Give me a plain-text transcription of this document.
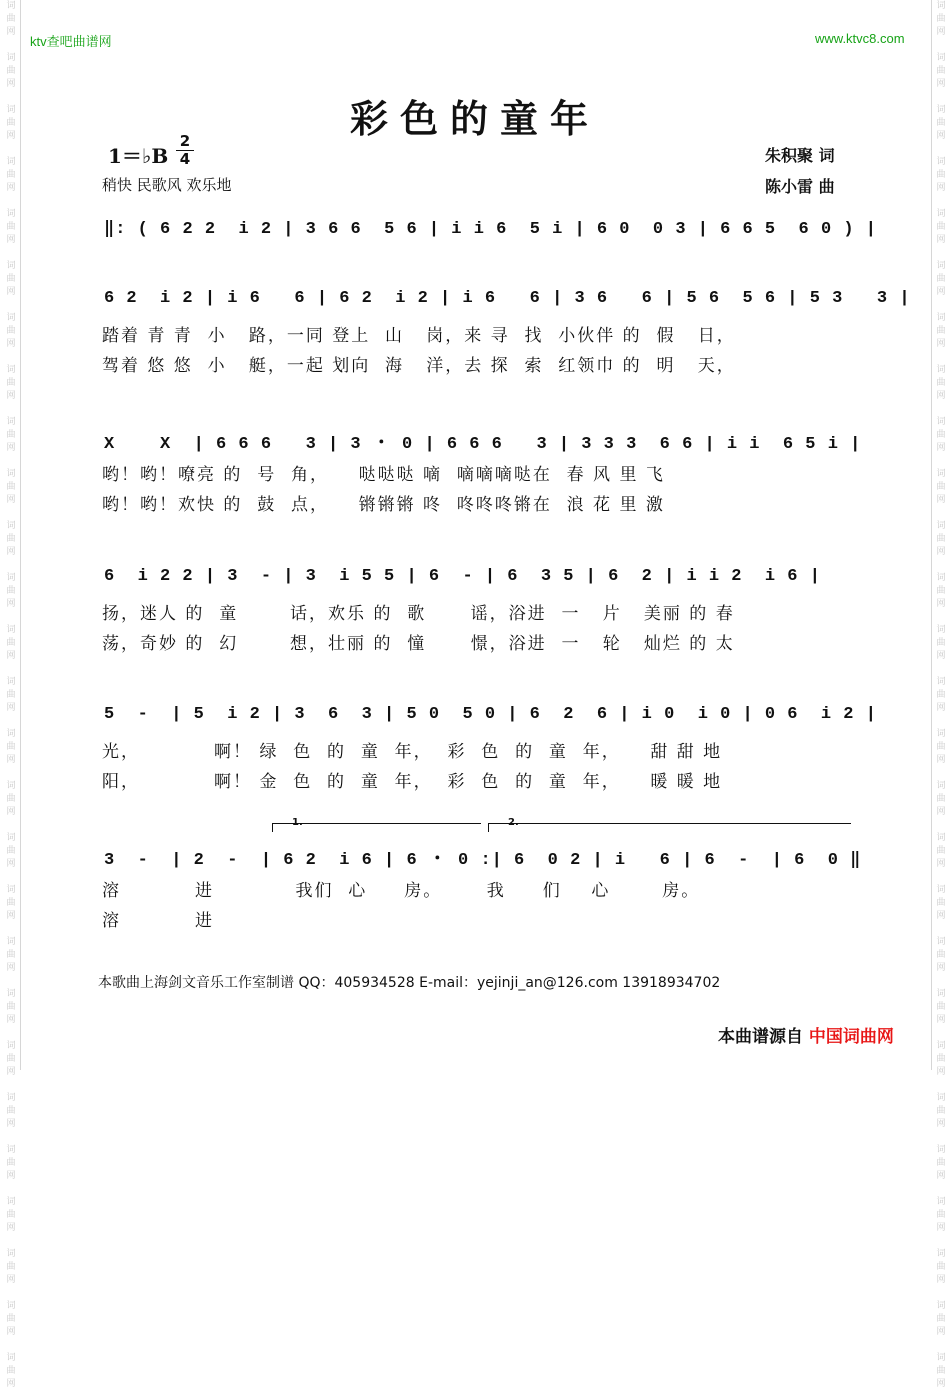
词
曲
网

词
曲
网

词
曲
网

词
曲
网

词
曲
网

词
曲
网

词
曲
网

词
曲
网

词
曲
网

词
曲
网

词
曲
网

词
曲
网

词
曲
网

词
曲
网

词
曲
网

词
曲
网

词
曲
网

词
曲
网

词
曲
网

词
曲
网

词
曲
网

词
曲
网

词
曲
网

词
曲
网

词
曲
网

词
曲
网

词
曲
网

词
曲
网

词
曲
网

词
曲
网

词
曲
网

词
曲
网

词
曲
网

词
曲
网

词
曲
网

词
曲
网

词
曲
网

词
曲
网

词
曲
网

词
曲
网

词
曲
网

词
曲
网

词
曲
网

词
曲
网

词
曲
网

词
曲
网

词
曲
网

词
曲
网

词
曲
网

词
曲
网

词
曲
网

词
曲
网

词
曲
网

词
曲
网

ktv查吧曲谱网	www.ktvc8.com
彩色的童年
1＝♭B
2
4
稍快 民歌风 欢乐地
朱积聚 词
陈小雷 曲
‖: ( 6 2 2  i 2 | 3 6 6  5 6 | i i 6  5 i | 6 0  0 3 | 6 6 5  6 0 ) |
6 2  i 2 | i 6   6 | 6 2  i 2 | i 6   6 | 3 6   6 | 5 6  5 6 | 5 3   3 |
踏着 青 青  小   路，一同 登上  山   岗，来 寻  找  小伙伴 的  假   日，
驾着 悠 悠  小   艇，一起 划向  海   洋，去 探  索  红领巾 的  明   天，
X    X  | 6 6 6   3 | 3 ・ 0 | 6 6 6   3 | 3 3 3  6 6 | i i  6 5 i |
哟！哟！嘹亮 的  号  角，    哒哒哒 嘀  嘀嘀嘀哒在  春 风 里 飞
哟！哟！欢快 的  鼓  点，    锵锵锵 咚  咚咚咚锵在  浪 花 里 激
6  i 2 2 | 3  - | 3  i 5 5 | 6  - | 6  3 5 | 6  2 | i i 2  i 6 |
扬，迷人 的  童       话，欢乐 的  歌      谣，浴进  一   片   美丽 的 春
荡，奇妙 的  幻       想，壮丽 的  憧      憬，浴进  一   轮   灿烂 的 太
5  -  | 5  i 2 | 3  6  3 | 5 0  5 0 | 6  2  6 | i 0  i 0 | 0 6  i 2 |
光，          啊！ 绿  色  的  童  年，  彩  色  的  童  年，    甜 甜 地
阳，          啊！ 金  色  的  童  年，  彩  色  的  童  年，    暖 暖 地
1.	2.
3  -  | 2  -  | 6 2  i 6 | 6 ・ 0 :| 6  0 2 | i   6 | 6  -  | 6  0 ‖
溶          进           我们  心     房。      我     们    心       房。
溶          进
本歌曲上海剑文音乐工作室制谱 QQ：405934528 E-mail：yejinji_an@126.com 13918934702
本曲谱源自 中国词曲网
